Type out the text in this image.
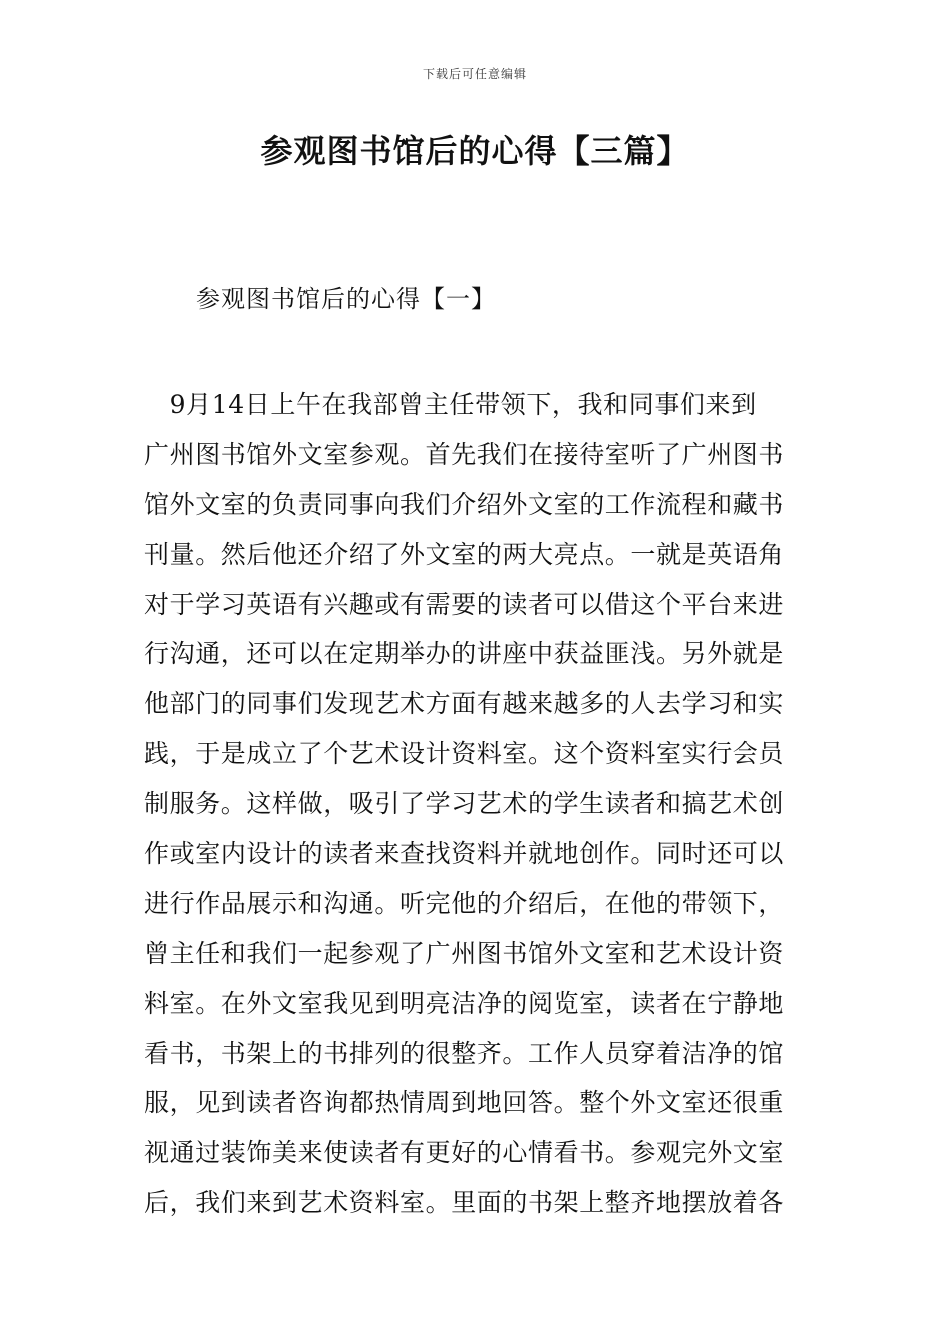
下载后可任意编辑
参观图书馆后的心得【三篇】
参观图书馆后的心得【一】
　9月14日上午在我部曾主任带领下，我和同事们来到
广州图书馆外文室参观。首先我们在接待室听了广州图书
馆外文室的负责同事向我们介绍外文室的工作流程和藏书
刊量。然后他还介绍了外文室的两大亮点。一就是英语角
对于学习英语有兴趣或有需要的读者可以借这个平台来进
行沟通，还可以在定期举办的讲座中获益匪浅。另外就是
他部门的同事们发现艺术方面有越来越多的人去学习和实
践，于是成立了个艺术设计资料室。这个资料室实行会员
制服务。这样做，吸引了学习艺术的学生读者和搞艺术创
作或室内设计的读者来查找资料并就地创作。同时还可以
进行作品展示和沟通。听完他的介绍后，在他的带领下，
曾主任和我们一起参观了广州图书馆外文室和艺术设计资
料室。在外文室我见到明亮洁净的阅览室，读者在宁静地
看书，书架上的书排列的很整齐。工作人员穿着洁净的馆
服，见到读者咨询都热情周到地回答。整个外文室还很重
视通过装饰美来使读者有更好的心情看书。参观完外文室
后，我们来到艺术资料室。里面的书架上整齐地摆放着各
